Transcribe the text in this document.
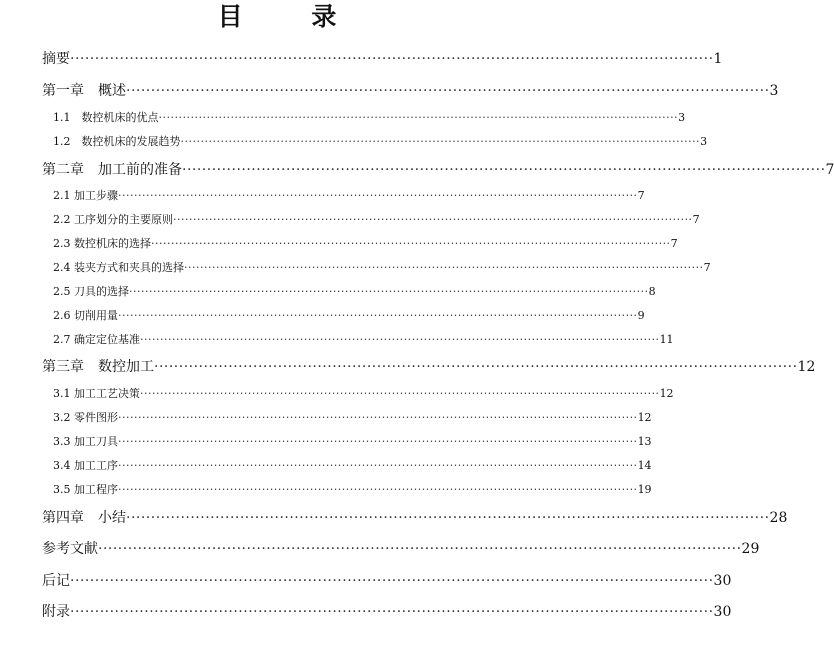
目 录
摘要 ·································································································································· 1
第一章　概述 ·································································································································· 3
1.1　数控机床的优点 ·································································································································· 3
1.2　数控机床的发展趋势 ·································································································································· 3
第二章　加工前的准备 ·································································································································· 7
2.1 加工步骤 ·································································································································· 7
2.2 工序划分的主要原则 ·································································································································· 7
2.3 数控机床的选择 ·································································································································· 7
2.4 装夹方式和夹具的选择 ·································································································································· 7
2.5 刀具的选择 ·································································································································· 8
2.6 切削用量 ·································································································································· 9
2.7 确定定位基准 ·································································································································· 11
第三章　数控加工 ·································································································································· 12
3.1 加工工艺决策 ·································································································································· 12
3.2 零件图形 ·································································································································· 12
3.3 加工刀具 ·································································································································· 13
3.4 加工工序 ·································································································································· 14
3.5 加工程序 ·································································································································· 19
第四章　小结 ·································································································································· 28
参考文献 ·································································································································· 29
后记 ·································································································································· 30
附录 ·································································································································· 30
